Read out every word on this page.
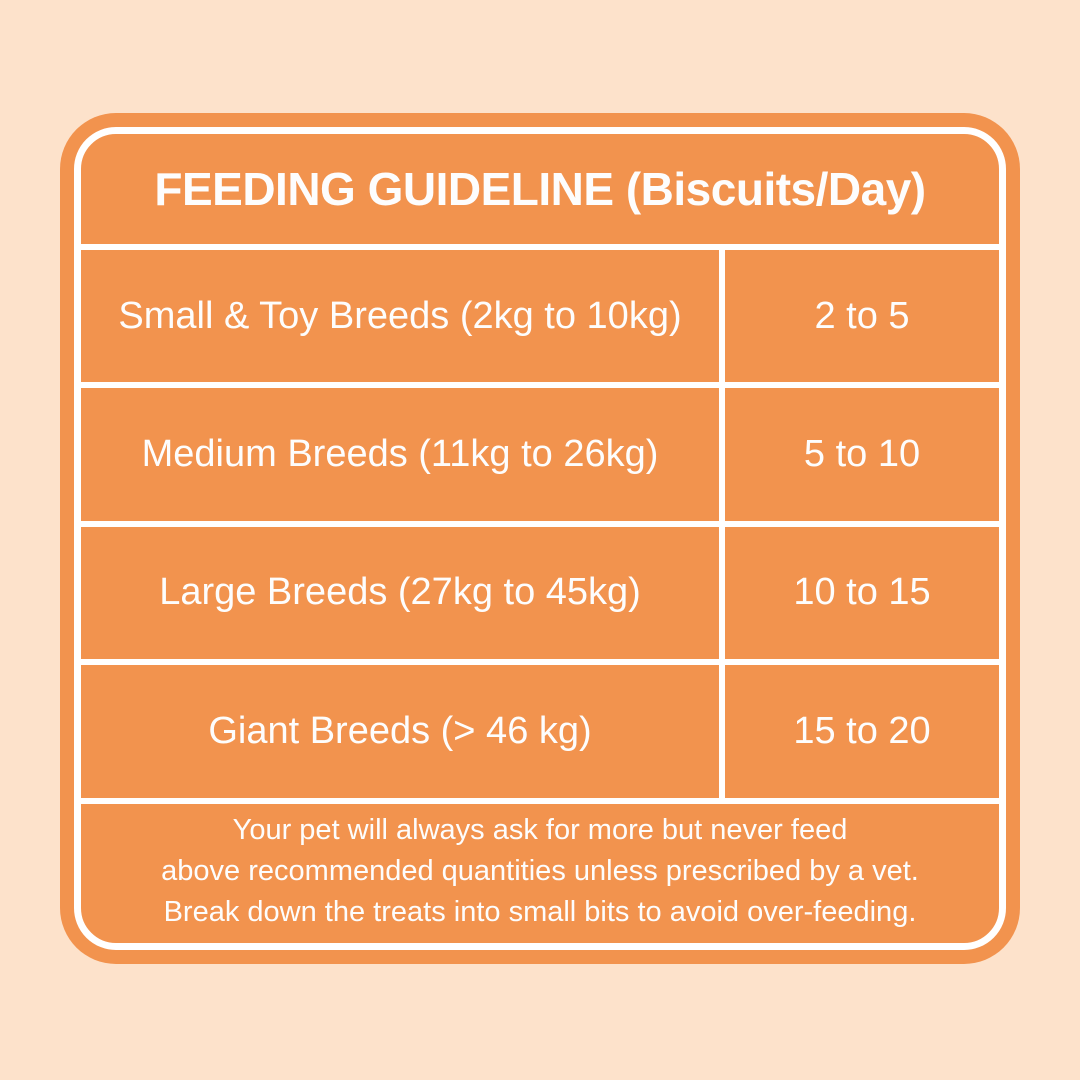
FEEDING GUIDELINE (Biscuits/Day)
Small & Toy Breeds (2kg to 10kg)	2 to 5
Medium Breeds (11kg to 26kg)	5 to 10
Large Breeds (27kg to 45kg)	10 to 15
Giant Breeds (> 46 kg)	15 to 20
Your pet will always ask for more but never feed
above recommended quantities unless prescribed by a vet.
Break down the treats into small bits to avoid over-feeding.
